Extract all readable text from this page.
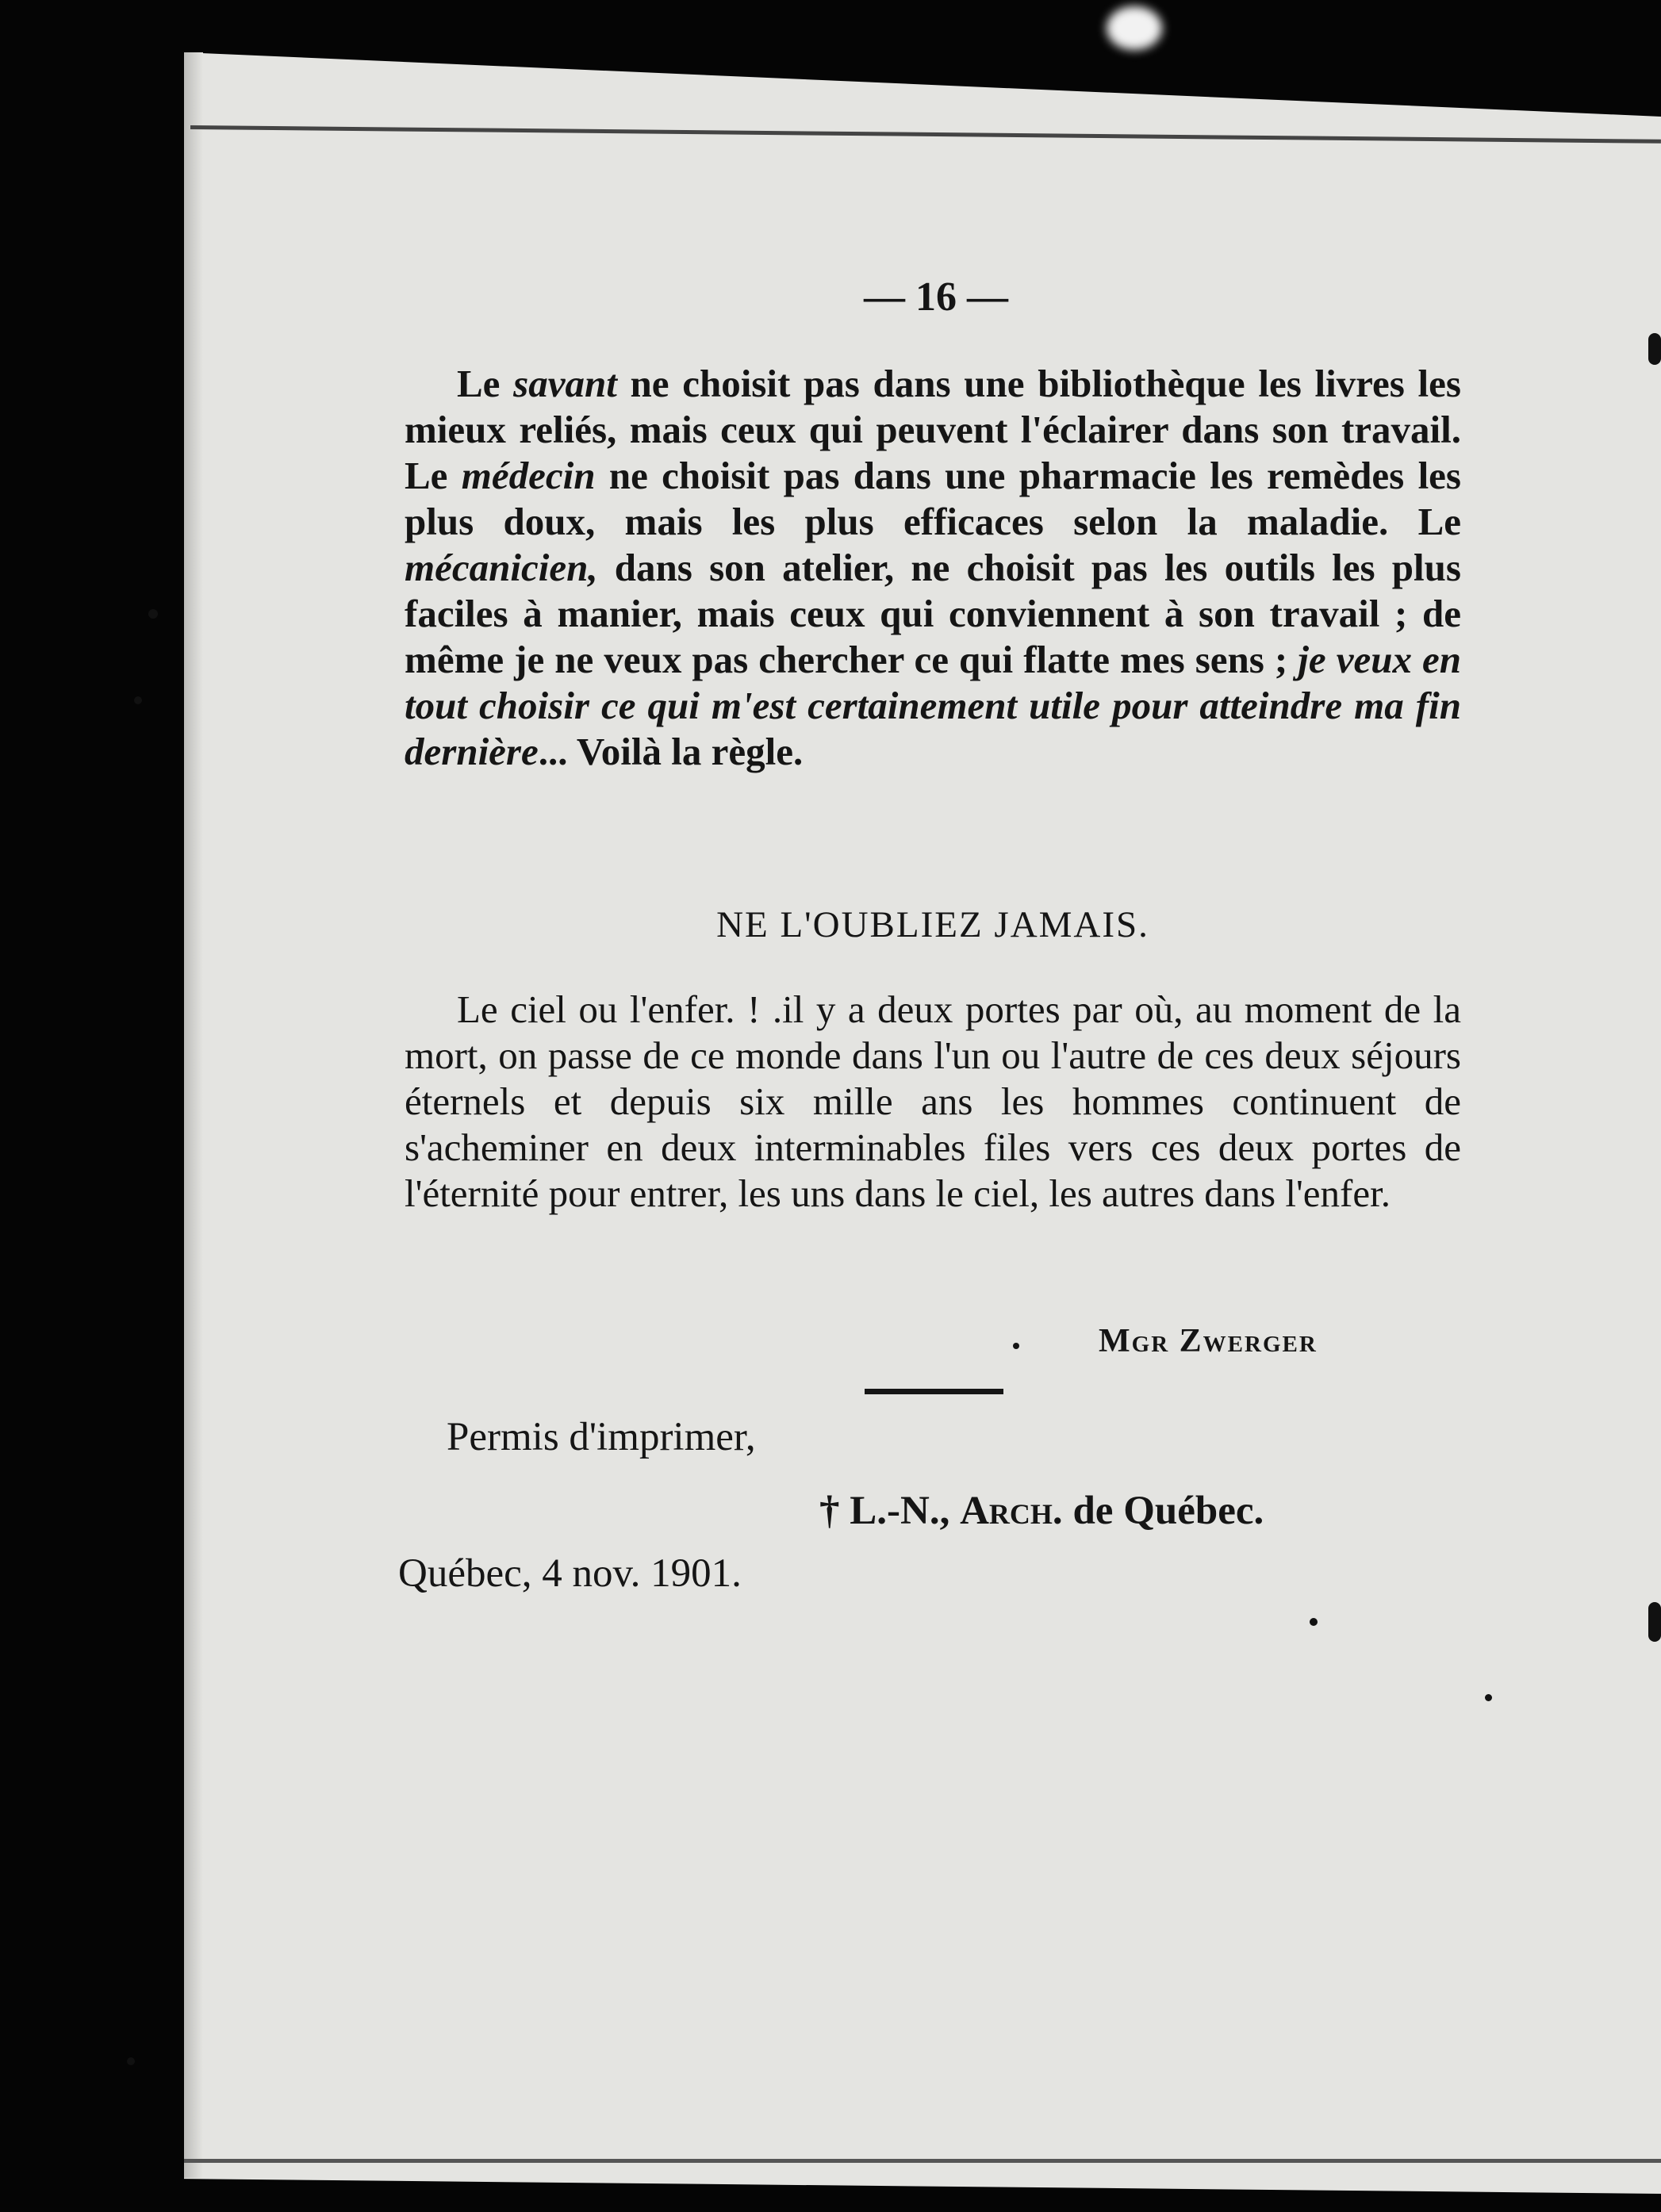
— 16 —
Le savant ne choisit pas dans une bibliothèque les livres les mieux reliés, mais ceux qui peuvent l'éclairer dans son travail. Le médecin ne choisit pas dans une pharmacie les remèdes les plus doux, mais les plus efficaces selon la maladie. Le mécanicien, dans son atelier, ne choisit pas les outils les plus faciles à manier, mais ceux qui conviennent à son travail ; de même je ne veux pas chercher ce qui flatte mes sens ; je veux en tout choisir ce qui m'est certainement utile pour atteindre ma fin dernière... Voilà la règle.
NE L'OUBLIEZ JAMAIS.
Le ciel ou l'enfer. ! .il y a deux portes par où, au moment de la mort, on passe de ce monde dans l'un ou l'autre de ces deux séjours éternels et depuis six mille ans les hommes continuent de s'acheminer en deux interminables files vers ces deux portes de l'éternité pour entrer, les uns dans le ciel, les autres dans l'enfer.
Mgr Zwerger
Permis d'imprimer,
† L.-N., Arch. de Québec.
Québec, 4 nov. 1901.
